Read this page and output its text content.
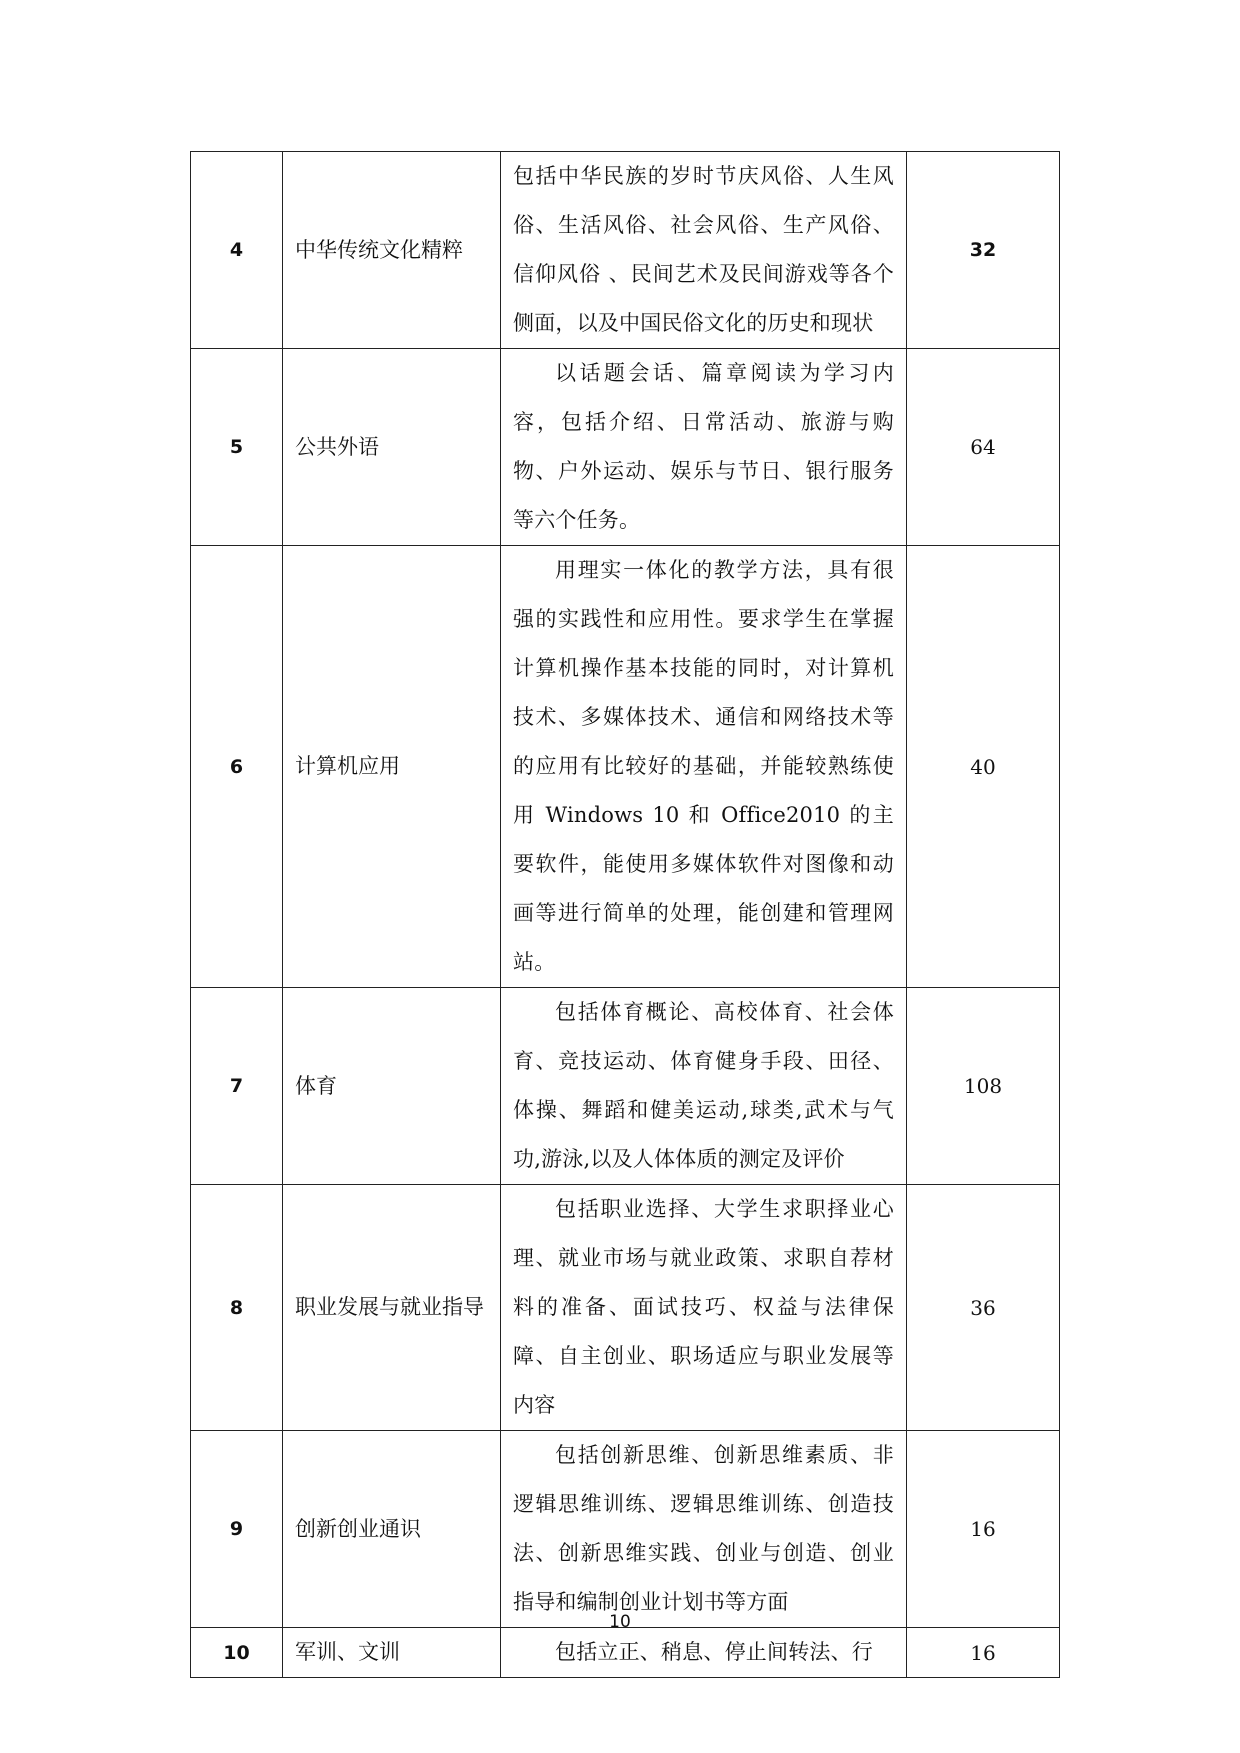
4	中华传统文化精粹	包括中华民族的岁时节庆风俗、人生风俗、生活风俗、社会风俗、生产风俗、信仰风俗 、民间艺术及民间游戏等各个侧面，以及中国民俗文化的历史和现状	32
5	公共外语	以话题会话、篇章阅读为学习内容，包括介绍、日常活动、旅游与购物、户外运动、娱乐与节日、银行服务等六个任务。	64
6	计算机应用	用理实一体化的教学方法，具有很强的实践性和应用性。要求学生在掌握计算机操作基本技能的同时，对计算机技术、多媒体技术、通信和网络技术等的应用有比较好的基础，并能较熟练使用 Windows 10 和 Office2010 的主要软件，能使用多媒体软件对图像和动画等进行简单的处理，能创建和管理网站。	40
7	体育	包括体育概论、高校体育、社会体育、竞技运动、体育健身手段、田径、体操、舞蹈和健美运动,球类,武术与气功,游泳,以及人体体质的测定及评价	108
8	职业发展与就业指导	包括职业选择、大学生求职择业心理、就业市场与就业政策、求职自荐材料的准备、面试技巧、权益与法律保障、自主创业、职场适应与职业发展等内容	36
9	创新创业通识	包括创新思维、创新思维素质、非逻辑思维训练、逻辑思维训练、创造技法、创新思维实践、创业与创造、创业指导和编制创业计划书等方面	16
10	军训、文训	包括立正、稍息、停止间转法、行	16
10
